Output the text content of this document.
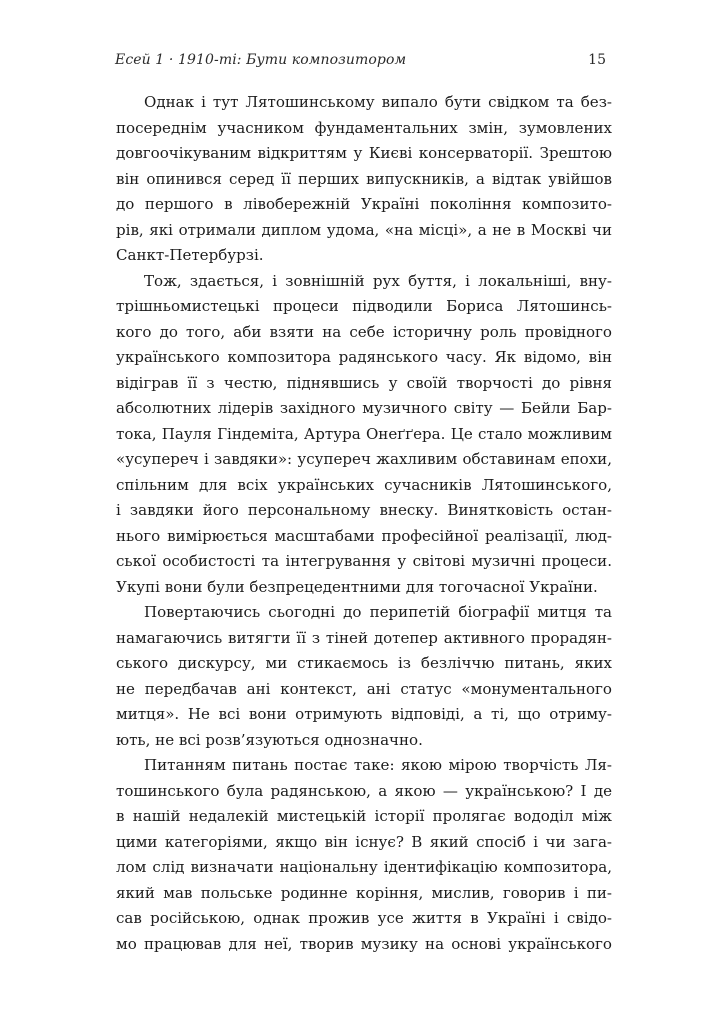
Есей 1 · 1910-ті: Бути композитором	15
Однак і тут Лятошинському випало бути свідком та без-
посереднім учасником фундаментальних змін, зумовлених
довгоочікуваним відкриттям у Києві консерваторії. Зрештою
він опинився серед її перших випускників, а відтак увійшов
до першого в лівобережній Україні покоління композито-
рів, які отримали диплом удома, «на місці», а не в Москві чи
Санкт-Петербурзі.
Тож, здається, і зовнішній рух буття, і локальніші, вну-
трішньомистецькі процеси підводили Бориса Лятошинсь-
кого до того, аби взяти на себе історичну роль провідного
українського композитора радянського часу. Як відомо, він
відіграв її з честю, піднявшись у своїй творчості до рівня
абсолютних лідерів західного музичного світу — Бейли Бар-
тока, Пауля Гіндеміта, Артура Онеґґера. Це стало можливим
«усупереч і завдяки»: усупереч жахливим обставинам епохи,
спільним для всіх українських сучасників Лятошинського,
і завдяки його персональному внеску. Винятковість остан-
нього вимірюється масштабами професійної реалізації, люд-
ської особистості та інтегрування у світові музичні процеси.
Укупі вони були безпрецедентними для тогочасної України.
Повертаючись сьогодні до перипетій біографії митця та
намагаючись витягти її з тіней дотепер активного прорадян-
ського дискурсу, ми стикаємось із безліччю питань, яких
не передбачав ані контекст, ані статус «монументального
митця». Не всі вони отримують відповіді, а ті, що отриму-
ють, не всі розв’язуються однозначно.
Питанням питань постає таке: якою мірою творчість Ля-
тошинського була радянською, а якою — українською? І де
в нашій недалекій мистецькій історії пролягає вододіл між
цими категоріями, якщо він існує? В який спосіб і чи зага-
лом слід визначати національну ідентифікацію композитора,
який мав польське родинне коріння, мислив, говорив і пи-
сав російською, однак прожив усе життя в Україні і свідо-
мо працював для неї, творив музику на основі українського
